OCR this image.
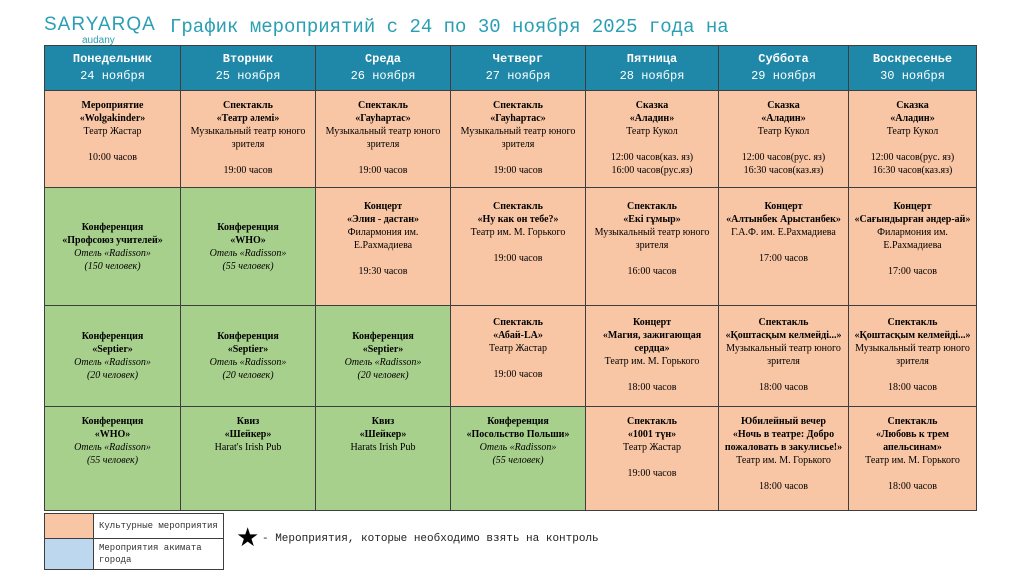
SARYARQA
audany
График мероприятий с 24 по 30 ноября 2025 года на
Понедельник
24 ноября	Вторник
25 ноября	Среда
26 ноября	Четверг
27 ноября	Пятница
28 ноября	Суббота
29 ноября	Воскресенье
30 ноября

Мероприятие
«Wolgakinder»
Театр Жастар
10:00 часов	Спектакль
«Театр әлемі»
Музыкальный театр юного зрителя
19:00 часов	Спектакль
«Гауһартас»
Музыкальный театр юного зрителя
19:00 часов	Спектакль
«Гауһартас»
Музыкальный театр юного зрителя
19:00 часов	Сказка
«Аладин»
Театр Кукол
12:00 часов(каз. яз)
16:00 часов(рус.яз)	Сказка
«Аладин»
Театр Кукол
12:00 часов(рус. яз)
16:30 часов(каз.яз)	Сказка
«Аладин»
Театр Кукол
12:00 часов(рус. яз)
16:30 часов(каз.яз)

Конференция
«Профсоюз учителей»
Отель «Radisson»
(150 человек)	Конференция
«WHO»
Отель «Radisson»
(55 человек)	Концерт
«Элия - дастан»
Филармония им. Е.Рахмадиева
19:30 часов	Спектакль
«Ну как он тебе?»
Театр им. М. Горького
19:00 часов	Спектакль
«Екі гұмыр»
Музыкальный театр юного зрителя
16:00 часов	Концерт
«Алтынбек Арыстанбек»
Г.А.Ф. им. Е.Рахмадиева
17:00 часов	Концерт
«Сағындырған әндер-ай»
Филармония им. Е.Рахмадиева
17:00 часов

Конференция
«Septier»
Отель «Radisson»
(20 человек)	Конференция
«Septier»
Отель «Radisson»
(20 человек)	Конференция
«Septier»
Отель «Radisson»
(20 человек)	Спектакль
«Абай-LA»
Театр Жастар
19:00 часов	Концерт
«Магия, зажигающая сердца»
Театр им. М. Горького
18:00 часов	Спектакль
«Қоштасқым келмейді...»
Музыкальный театр юного зрителя
18:00 часов	Спектакль
«Қоштасқым келмейді...»
Музыкальный театр юного зрителя
18:00 часов

Конференция
«WHO»
Отель «Radisson»
(55 человек)	Квиз
«Шейкер»
Harat's Irish Pub	Квиз
«Шейкер»
Harats Irish Pub	Конференция
«Посольство Польши»
Отель «Radisson»
(55 человек)	Спектакль
«1001 түн»
Театр Жастар
19:00 часов	Юбилейный вечер
«Ночь в театре: Добро пожаловать в закулисье!»
Театр им. М. Горького
18:00 часов	Спектакль
«Любовь к трем апельсинам»
Театр им. М. Горького
18:00 часов
	Культурные мероприятия
	Мероприятия акимата города
★ - Мероприятия, которые необходимо взять на контроль
